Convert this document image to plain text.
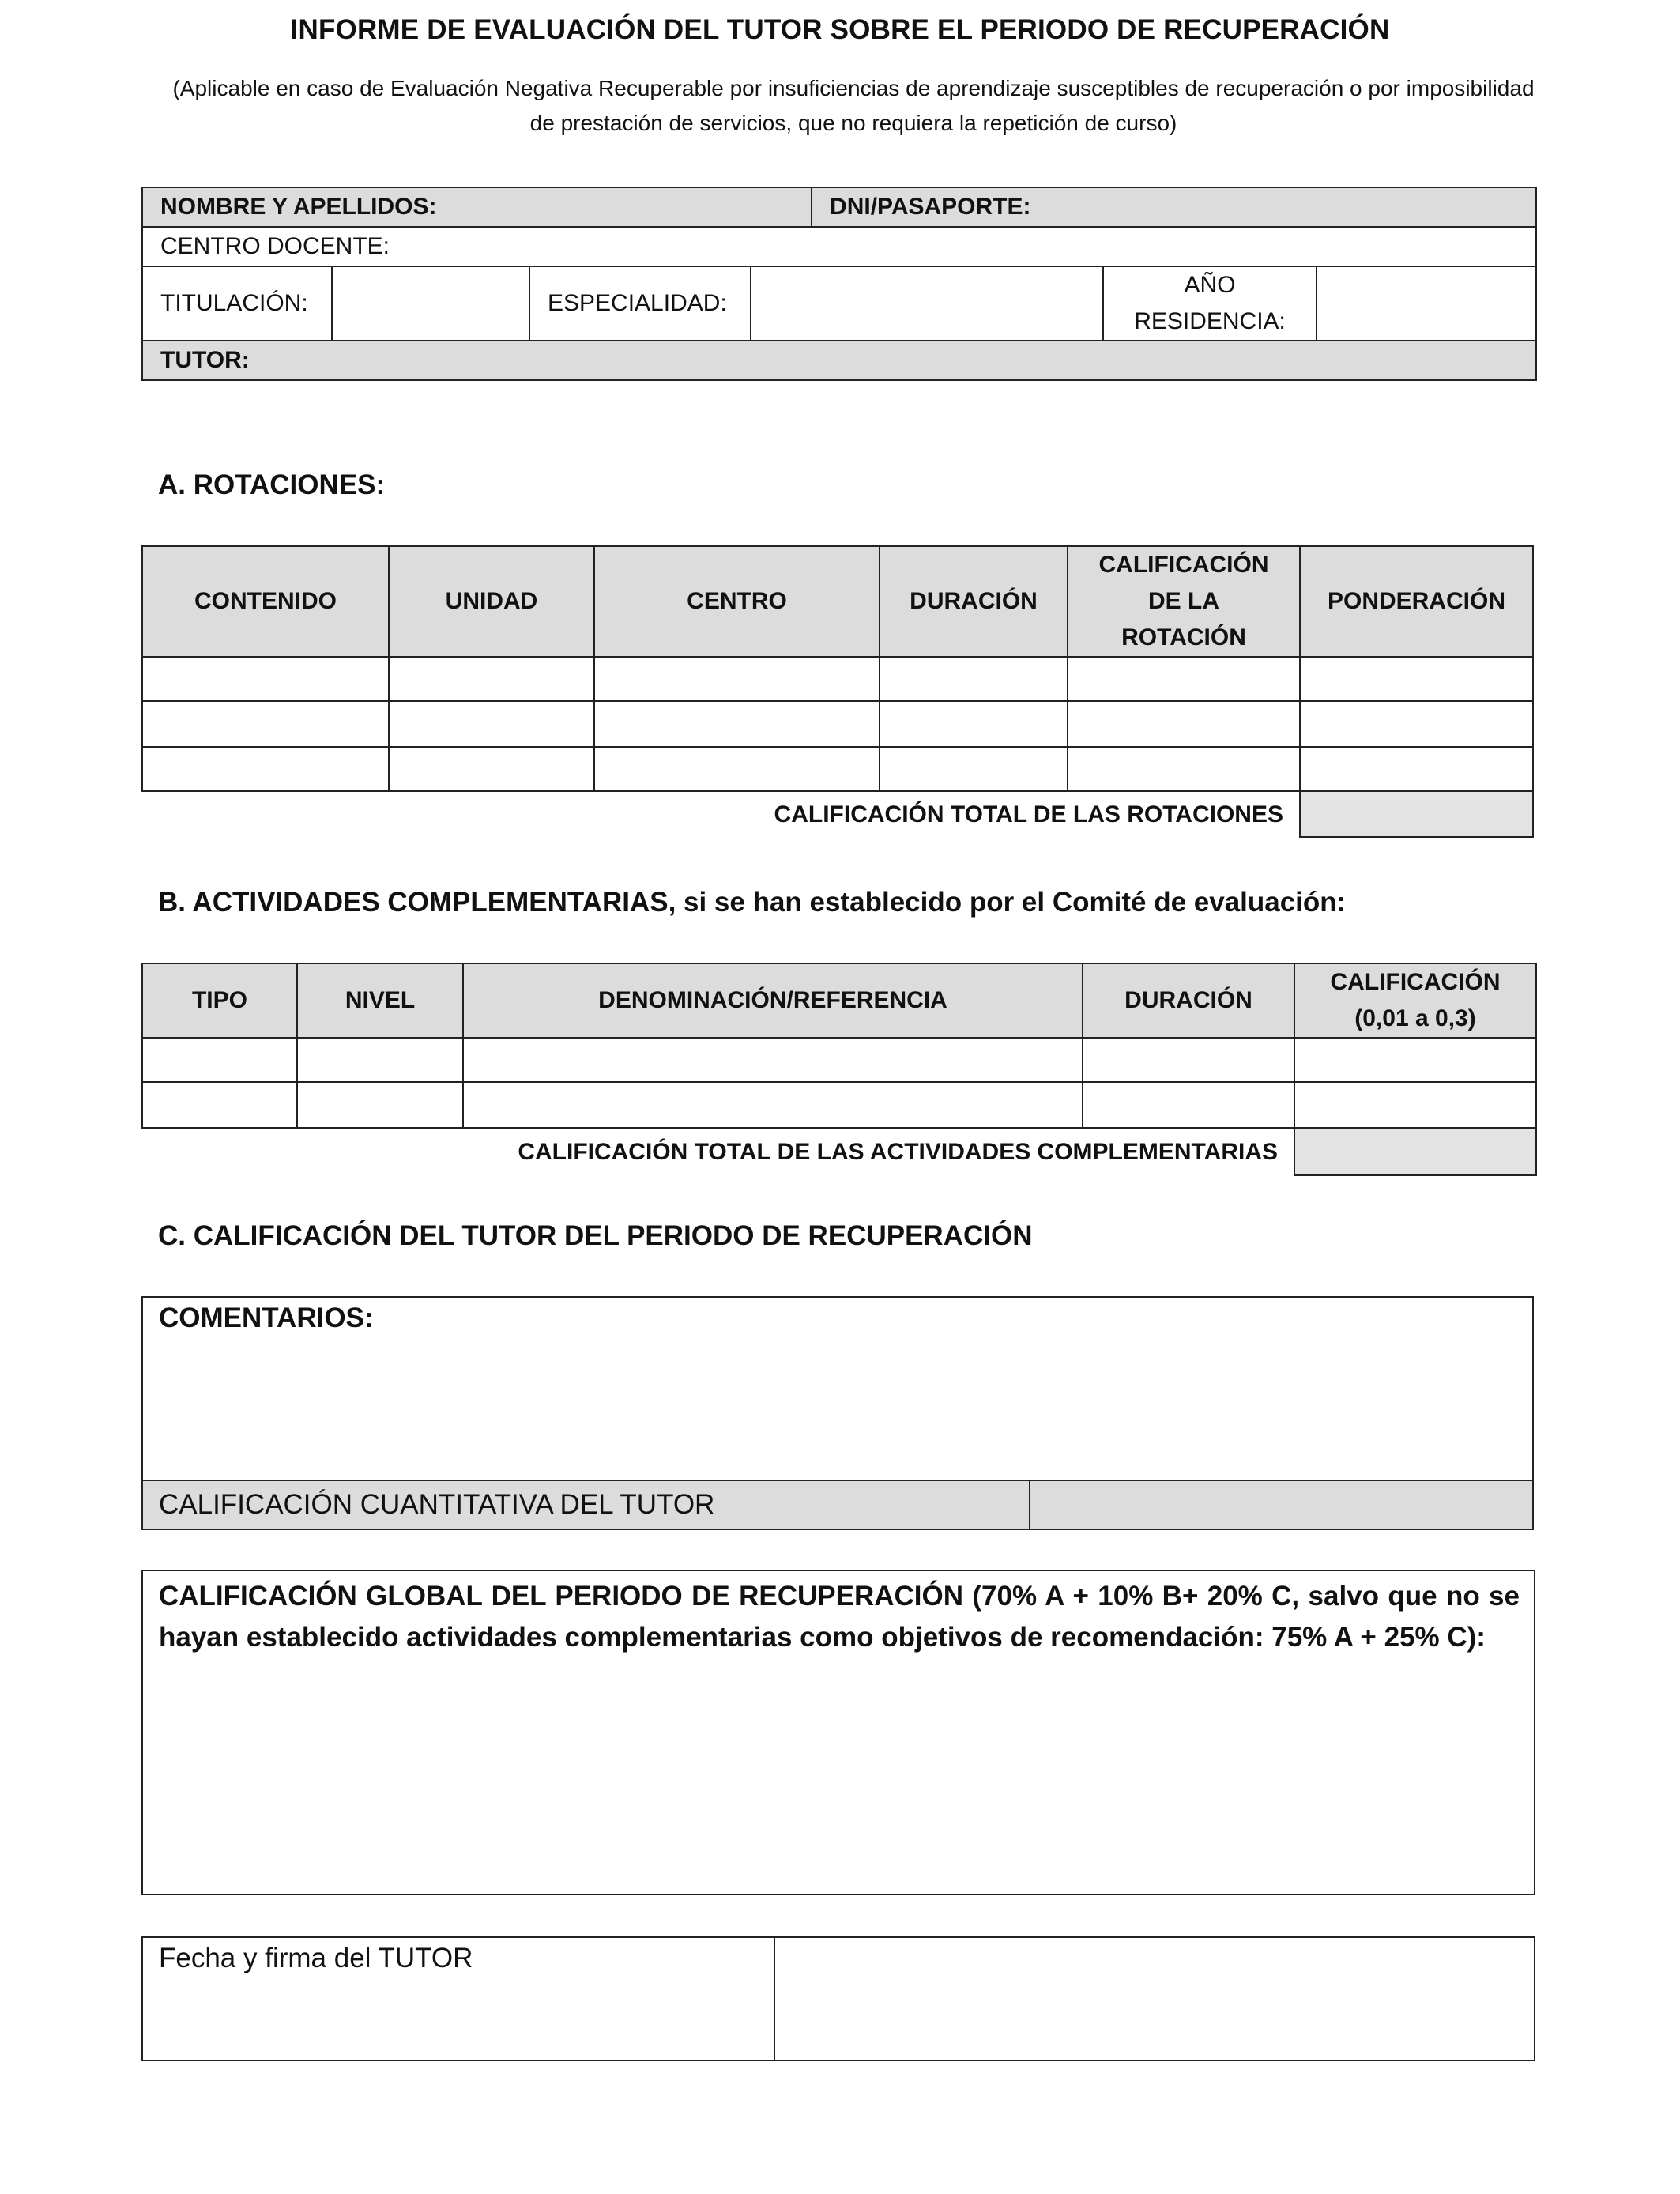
INFORME DE EVALUACIÓN DEL TUTOR SOBRE EL PERIODO DE RECUPERACIÓN
(Aplicable en caso de Evaluación Negativa Recuperable por insuficiencias de aprendizaje susceptibles de recuperación o por imposibilidad de prestación de servicios, que no requiera la repetición de curso)
NOMBRE Y APELLIDOS:				DNI/PASAPORTE:		
CENTRO DOCENTE:						
TITULACIÓN:		ESPECIALIDAD:			AÑO RESIDENCIA:	
TUTOR:						
A. ROTACIONES:
CONTENIDO	UNIDAD	CENTRO	DURACIÓN	CALIFICACIÓN DE LA ROTACIÓN	PONDERACIÓN

CALIFICACIÓN TOTAL DE LAS ROTACIONES					
B. ACTIVIDADES COMPLEMENTARIAS, si se han establecido por el Comité de evaluación:
TIPO	NIVEL	DENOMINACIÓN/REFERENCIA	DURACIÓN	CALIFICACIÓN (0,01 a 0,3)

CALIFICACIÓN TOTAL DE LAS ACTIVIDADES COMPLEMENTARIAS				
C. CALIFICACIÓN DEL TUTOR DEL PERIODO DE RECUPERACIÓN
COMENTARIOS:
CALIFICACIÓN CUANTITATIVA DEL TUTOR
CALIFICACIÓN GLOBAL DEL PERIODO DE RECUPERACIÓN (70% A + 10% B+ 20% C, salvo que no se hayan establecido actividades complementarias como objetivos de recomendación: 75% A + 25% C):
Fecha y firma del TUTOR
